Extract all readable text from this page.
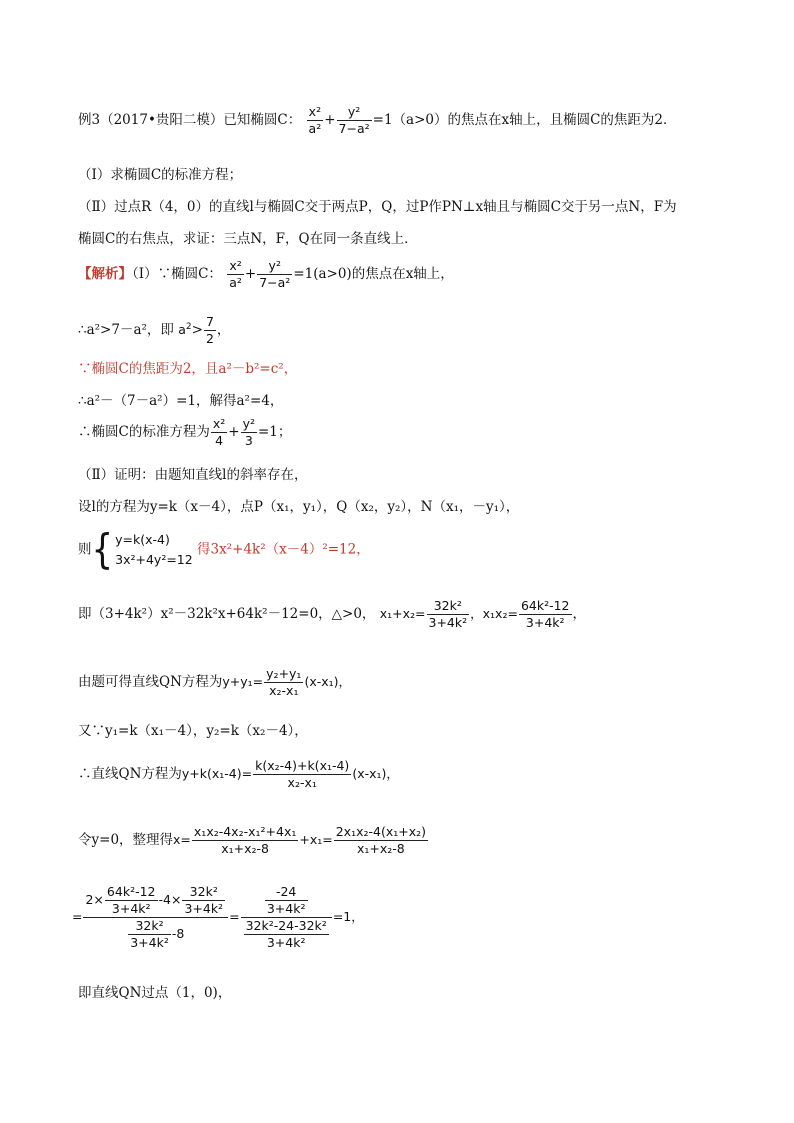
例3（2017•贵阳二模）已知椭圆C： $\frac{\text{x²}}{\text{a²}} + \frac{\text{y²}}{\text{7−a²}} =1(a>0)$的焦点在x轴上，且椭圆C的焦距为2．
（Ⅰ）求椭圆C的标准方程；
（Ⅱ）过点R（4，0）的直线l与椭圆C交于两点P，Q，过P作PN⊥x轴且与椭圆C交于另一点N，F为
椭圆C的右焦点，求证：三点N，F，Q在同一条直线上．
【解析】（Ⅰ）∵椭圆C： $\frac{\text{x²}}{\text{a²}} + \frac{\text{y²}}{\text{7−a²}} =1(a>0)$的焦点在x轴上，
∴a²>7－a²，即 $a^2> \frac{7}{2}$ ，
∵椭圆C的焦距为2，且a²－b²=c²，
∴a²－（7－a²）=1，解得a²=4，
∴椭圆C的标准方程为 $\frac{\text{x²}}{4} + \frac{\text{y²}}{3} =1$；
（Ⅱ）证明：由题知直线l的斜率存在，
设l的方程为y=k（x－4），点P（x₁，y₁），Q（x₂，y₂），N（x₁，－y₁），
则{ y=k(x-4)
3x²+4y²=12
得3x²+4k²（x－4）²=12，
即（3+4k²）x²－32k²x+64k²－12=0，△>0， $x_1+x_2= \frac{\text{32k²}}{\text{3+4k²}}$ ，$x_1x_2= \frac{\text{64k²-12}}{\text{3+4k²}}$ ，
由题可得直线QN方程为$y+y_1= \frac{\text{y₂+y₁}}{\text{x₂-x₁}} (x-x_1)$，
又∵y₁=k（x₁－4），y₂=k（x₂－4），
∴直线QN方程为$y+k(x_1-4)= \frac{\text{k(x₂-4)+k(x₁-4)}}{\text{x₂-x₁}} (x-x_1)$，
令y=0，整理得$x= \frac{\text{x₁x₂-4x₂-x₁²+4x₁}}{\text{x₁+x₂-8}} +x_1= \frac{\text{2x₁x₂-4(x₁+x₂)}}{\text{x₁+x₂-8}}$
=
$2\times \frac{\text{64k²-12}}{\text{3+4k²}} -4\times \frac{\text{32k²}}{\text{3+4k²}}$
$\frac{\text{32k²}}{\text{3+4k²}} -8$
= $\frac{\frac{-24}{\text{3+4k²}}}{\frac{\text{32k²-24-32k²}}{\text{3+4k²}}} =1$，
即直线QN过点（1，0)，
